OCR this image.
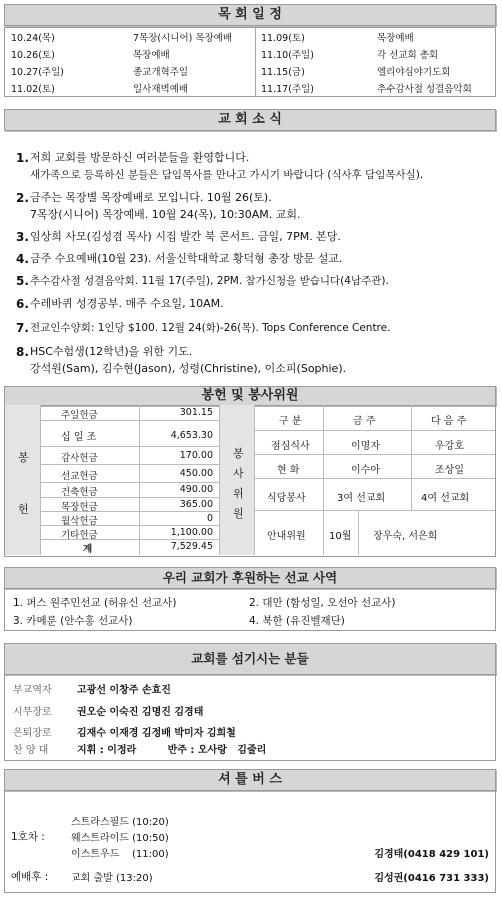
목 회 일 정
10.24(목)	7목장(시니어) 목장예배
10.26(토)	목장예배
10.27(주일)	종교개혁주일
11.02(토)	일사재벽예배
11.09(토)	목장예배
11.10(주일)	각 선교회 총회
11.15(금)	엘리야심야기도회
11.17(주일)	추수감사절 성결음악회
교 회 소 식
1. 저희 교회를 방문하신 여러분들을 환영합니다.
새가족으로 등록하신 분들은 담임목사를 만나고 가시기 바랍니다 (식사후 담임목사실).
2. 금주는 목장별 목장예배로 모입니다. 10월 26(토).
7목장(시니어) 목장예배. 10월 24(목), 10:30AM. 교회.
3. 임상희 사모(김성겸 목사) 시집 발간 북 콘서트. 금일, 7PM. 본당.
4. 금주 수요예배(10월 23). 서울신학대학교 황덕형 총장 방문 설교.
5. 추수감사절 성결음악회. 11월 17(주일), 2PM. 참가신청을 받습니다(4남주관).
6. 수레바퀴 성경공부. 매주 수요일, 10AM.
7. 전교인수양회: 1인당 $100. 12월 24(화)-26(목). Tops Conference Centre.
8. HSC수험생(12학년)을 위한 기도.
강석원(Sam), 김수현(Jason), 성령(Christine), 이소피(Sophie).
봉헌 및 봉사위원
봉
헌
주일헌금	301.15
십 일 조	4,653.30
감사헌금	170.00
선교헌금	450.00
건축헌금	490.00
목장헌금	365.00
월삭헌금	0
기타헌금	1,100.00
계	7,529.45
봉
사
위
원
구 분	금 주	다 음 주
점심식사	이명자	우강호
현 화	이수아	조상일
식당봉사	3여 선교회	4여 선교회
안내위원 10월 장우숙, 서은희
우리 교회가 후원하는 선교 사역
1. 퍼스 원주민선교 (허유신 선교사)	2. 대만 (함성일, 오선아 선교사)
3. 카메룬 (안수홍 선교사)	4. 북한 (유진벨재단)
교회를 섬기시는 분들
부교역자	고광선 이창주 손효진
시무장로	권오순 이숙진 김명진 김경태
은퇴장로	김재수 이재경 김정배 박미자 김희철
찬 양 대	지휘 : 이정라         반주 : 오사랑   김줄리
셔 틀 버 스
1호차 :
스트라스필드 (10:20)
웨스트라이드 (10:50)
이스트우드    (11:00)	김경태(0418 429 101)
예배후 : 교회 출발 (13:20)	김성권(0416 731 333)
